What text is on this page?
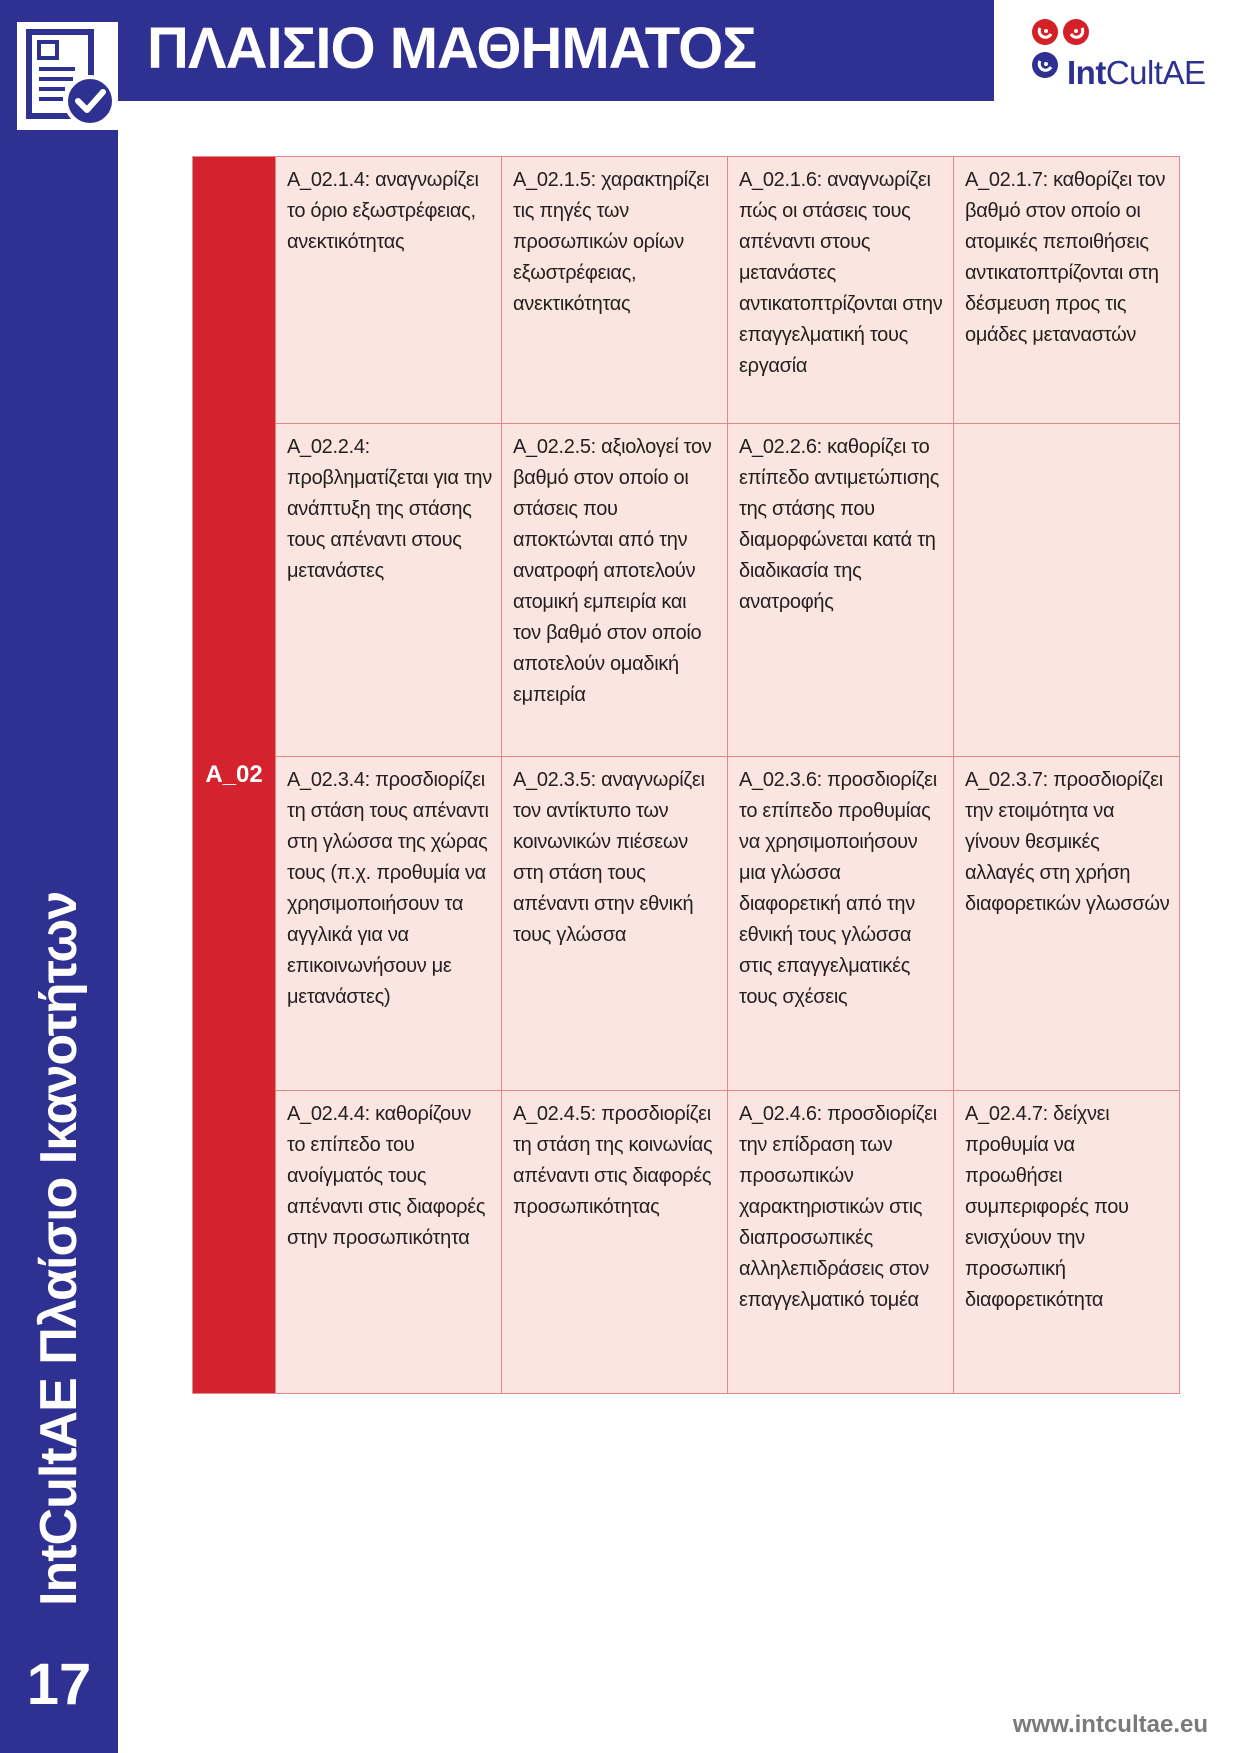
ΠΛΑΙΣΙΟ ΜΑΘΗΜΑΤΟΣ	IntCultAE
IntCultAE Πλαίσιο Ικανοτήτων
17
A_02	A_02.1.4: αναγνωρίζει το όριο εξωστρέφειας, ανεκτικότητας	A_02.1.5: χαρακτηρίζει τις πηγές των προσωπικών ορίων εξωστρέφειας, ανεκτικότητας	A_02.1.6: αναγνωρίζει πώς οι στάσεις τους απέναντι στους μετανάστες αντικατοπτρίζονται στην επαγγελματική τους εργασία	A_02.1.7: καθορίζει τον βαθμό στον οποίο οι ατομικές πεποιθήσεις αντικατοπτρίζονται στη δέσμευση προς τις ομάδες μεταναστών
	A_02.2.4: προβληματίζεται για την ανάπτυξη της στάσης τους απέναντι στους μετανάστες	A_02.2.5: αξιολογεί τον βαθμό στον οποίο οι στάσεις που αποκτώνται από την ανατροφή αποτελούν ατομική εμπειρία και τον βαθμό στον οποίο αποτελούν ομαδική εμπειρία	A_02.2.6: καθορίζει το επίπεδο αντιμετώπισης της στάσης που διαμορφώνεται κατά τη διαδικασία της ανατροφής	
	A_02.3.4: προσδιορίζει τη στάση τους απέναντι στη γλώσσα της χώρας τους (π.χ. προθυμία να χρησιμοποιήσουν τα αγγλικά για να επικοινωνήσουν με μετανάστες)	A_02.3.5: αναγνωρίζει τον αντίκτυπο των κοινωνικών πιέσεων στη στάση τους απέναντι στην εθνική τους γλώσσα	A_02.3.6: προσδιορίζει το επίπεδο προθυμίας να χρησιμοποιήσουν μια γλώσσα διαφορετική από την εθνική τους γλώσσα στις επαγγελματικές τους σχέσεις	A_02.3.7: προσδιορίζει την ετοιμότητα να γίνουν θεσμικές αλλαγές στη χρήση διαφορετικών γλωσσών
	A_02.4.4: καθορίζουν το επίπεδο του ανοίγματός τους απέναντι στις διαφορές στην προσωπικότητα	A_02.4.5: προσδιορίζει τη στάση της κοινωνίας απέναντι στις διαφορές προσωπικότητας	A_02.4.6: προσδιορίζει την επίδραση των προσωπικών χαρακτηριστικών στις διαπροσωπικές αλληλεπιδράσεις στον επαγγελματικό τομέα	A_02.4.7: δείχνει προθυμία να προωθήσει συμπεριφορές που ενισχύουν την προσωπική διαφορετικότητα
www.intcultae.eu
